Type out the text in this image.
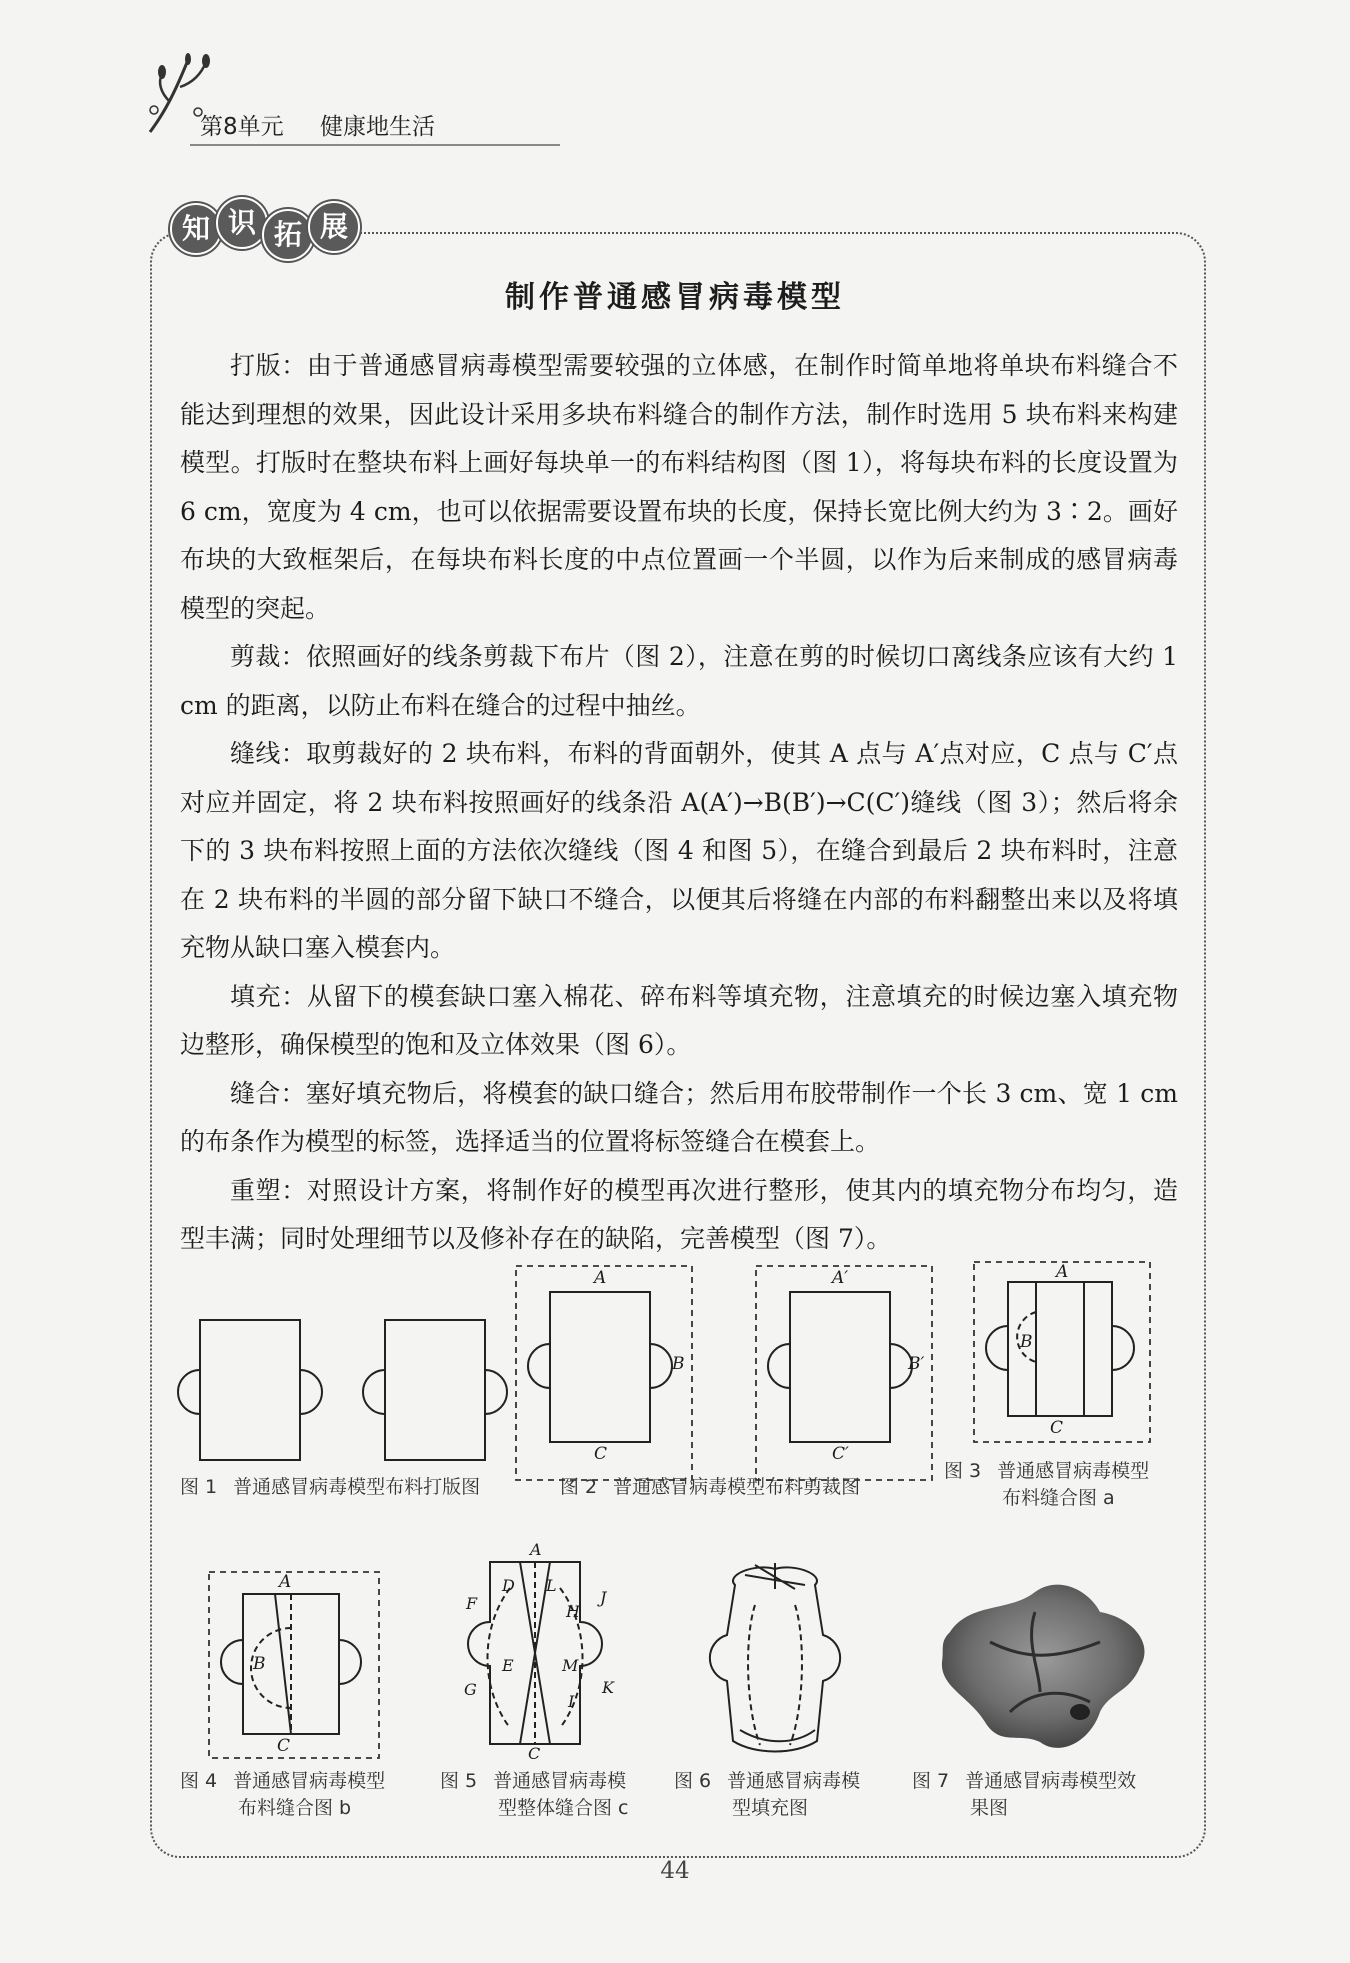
第8单元 健康地生活
知 识 拓 展
制作普通感冒病毒模型

打版：由于普通感冒病毒模型需要较强的立体感，在制作时简单地将单块布料缝合不能达到理想的效果，因此设计采用多块布料缝合的制作方法，制作时选用 5 块布料来构建模型。打版时在整块布料上画好每块单一的布料结构图（图 1），将每块布料的长度设置为 6 cm，宽度为 4 cm，也可以依据需要设置布块的长度，保持长宽比例大约为 3∶2。画好布块的大致框架后，在每块布料长度的中点位置画一个半圆，以作为后来制成的感冒病毒模型的突起。

剪裁：依照画好的线条剪裁下布片（图 2），注意在剪的时候切口离线条应该有大约 1 cm 的距离，以防止布料在缝合的过程中抽丝。

缝线：取剪裁好的 2 块布料，布料的背面朝外，使其 A 点与 A′点对应，C 点与 C′点对应并固定，将 2 块布料按照画好的线条沿 A(A′)→B(B′)→C(C′)缝线（图 3）；然后将余下的 3 块布料按照上面的方法依次缝线（图 4 和图 5），在缝合到最后 2 块布料时，注意在 2 块布料的半圆的部分留下缺口不缝合，以便其后将缝在内部的布料翻整出来以及将填充物从缺口塞入模套内。

填充：从留下的模套缺口塞入棉花、碎布料等填充物，注意填充的时候边塞入填充物边整形，确保模型的饱和及立体效果（图 6）。

缝合：塞好填充物后，将模套的缺口缝合；然后用布胶带制作一个长 3 cm、宽 1 cm 的布条作为模型的标签，选择适当的位置将标签缝合在模套上。

重塑：对照设计方案，将制作好的模型再次进行整形，使其内的填充物分布均匀，造型丰满；同时处理细节以及修补存在的缺陷，完善模型（图 7）。

A
B
C
A′
B′
C′
A
B
C
图 1 普通感冒病毒模型布料打版图	图 2 普通感冒病毒模型布料剪裁图
图 3 普通感冒病毒模型
布料缝合图 a
A
B
C
A
D L
F	J
H
E	M
G	K
I
C
图 4 普通感冒病毒模型
布料缝合图 b
图 5 普通感冒病毒模
型整体缝合图 c
图 6 普通感冒病毒模
型填充图
图 7 普通感冒病毒模型效
果图
44
